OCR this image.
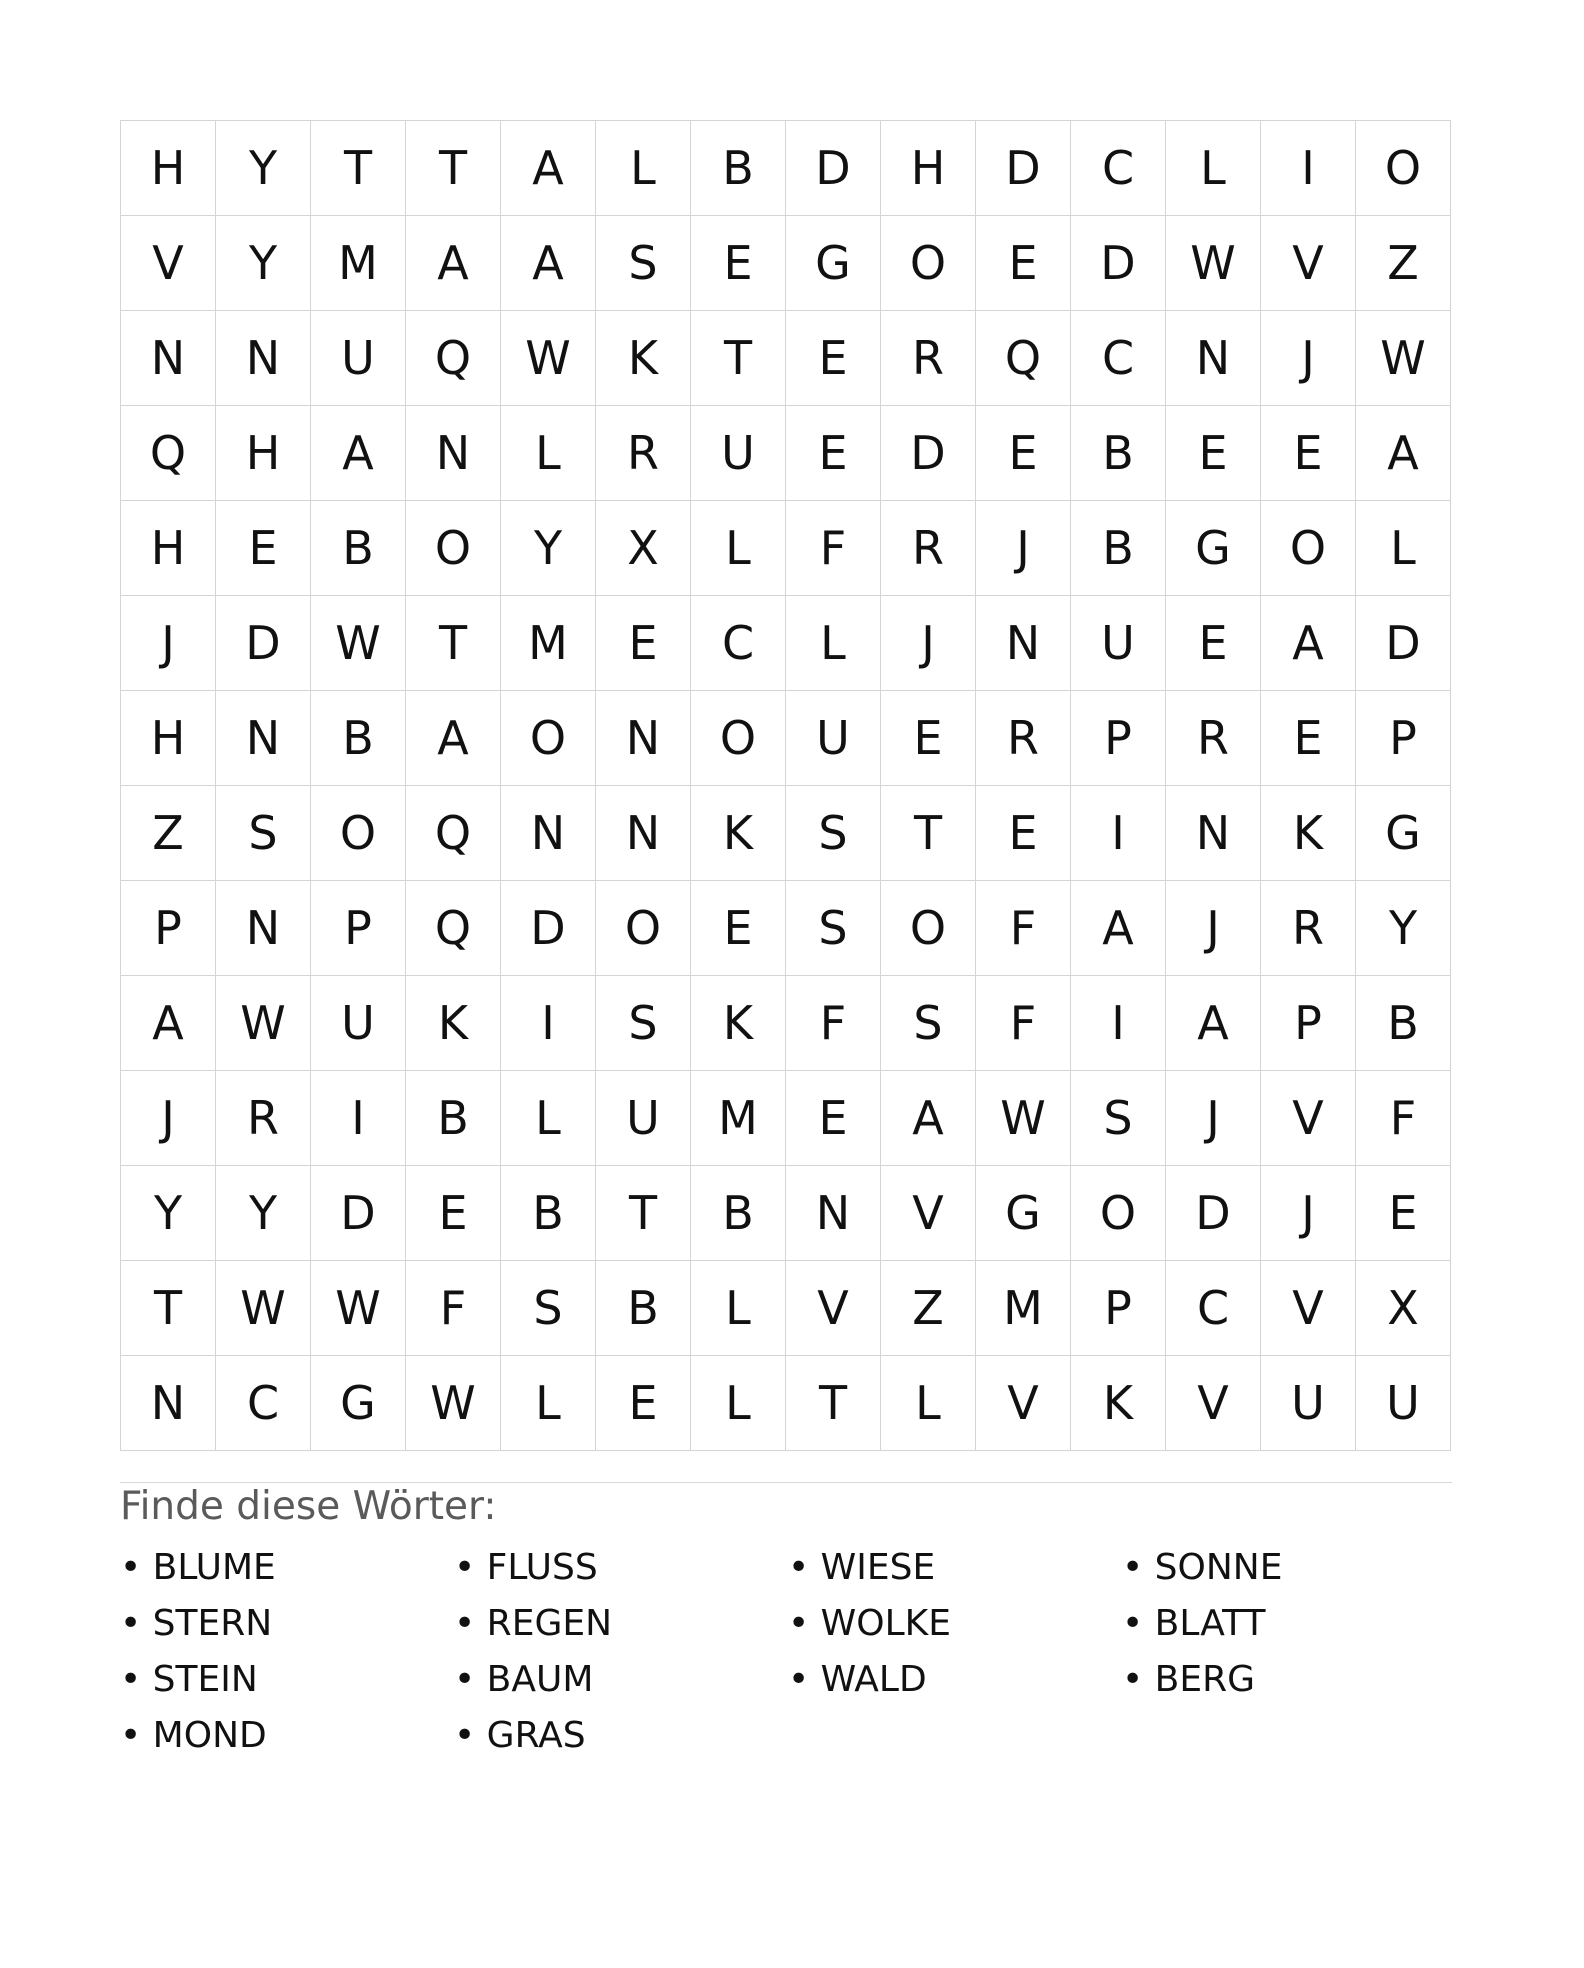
H	Y	T	T	A	L	B	D	H	D	C	L	I	O
V	Y	M	A	A	S	E	G	O	E	D	W	V	Z
N	N	U	Q	W	K	T	E	R	Q	C	N	J	W
Q	H	A	N	L	R	U	E	D	E	B	E	E	A
H	E	B	O	Y	X	L	F	R	J	B	G	O	L
J	D	W	T	M	E	C	L	J	N	U	E	A	D
H	N	B	A	O	N	O	U	E	R	P	R	E	P
Z	S	O	Q	N	N	K	S	T	E	I	N	K	G
P	N	P	Q	D	O	E	S	O	F	A	J	R	Y
A	W	U	K	I	S	K	F	S	F	I	A	P	B
J	R	I	B	L	U	M	E	A	W	S	J	V	F
Y	Y	D	E	B	T	B	N	V	G	O	D	J	E
T	W	W	F	S	B	L	V	Z	M	P	C	V	X
N	C	G	W	L	E	L	T	L	V	K	V	U	U
Finde diese Wörter:
• BLUME	• FLUSS	• WIESE	• SONNE
• STERN	• REGEN	• WOLKE	• BLATT
• STEIN	• BAUM	• WALD	• BERG
• MOND	• GRAS
